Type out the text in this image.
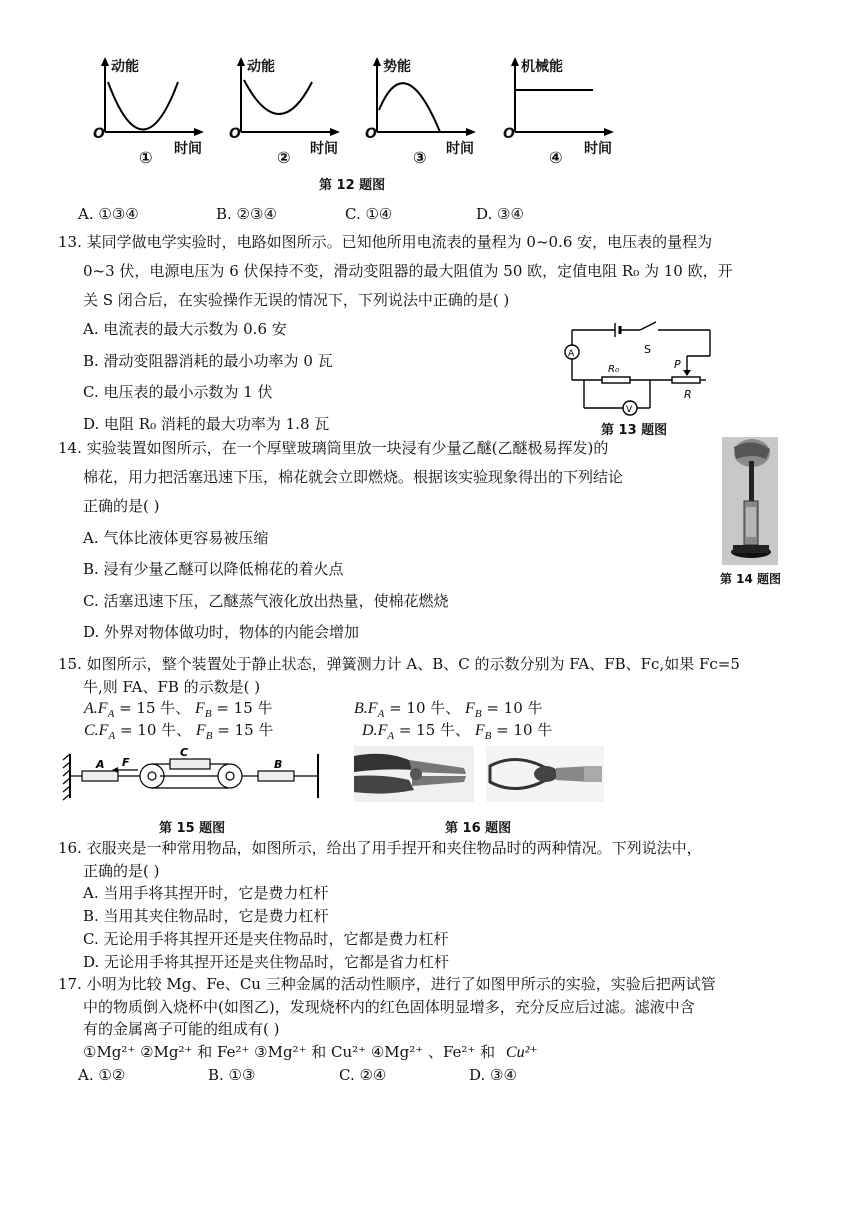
动能
O
时间
①
动能
O
时间
②
势能
O
时间
③
机械能
O
时间
④
第 12 题图
A. ①③④	B. ②③④	C. ①④	D. ③④
13. 某同学做电学实验时，电路如图所示。已知他所用电流表的量程为 0~0.6 安，电压表的量程为
0~3 伏，电源电压为 6 伏保持不变，滑动变阻器的最大阻值为 50 欧，定值电阻 R₀ 为 10 欧，开
关 S 闭合后，在实验操作无误的情况下，下列说法中正确的是( )
A. 电流表的最大示数为 0.6 安
B. 滑动变阻器消耗的最小功率为 0 瓦
C. 电压表的最小示数为 1 伏
D. 电阻 R₀ 消耗的最大功率为 1.8 瓦
A	S
R₀	P
R
V
第 13 题图
14. 实验装置如图所示，在一个厚壁玻璃筒里放一块浸有少量乙醚(乙醚极易挥发)的
棉花，用力把活塞迅速下压，棉花就会立即燃烧。根据该实验现象得出的下列结论
正确的是( )
A. 气体比液体更容易被压缩
B. 浸有少量乙醚可以降低棉花的着火点
C. 活塞迅速下压，乙醚蒸气液化放出热量，使棉花燃烧
D. 外界对物体做功时，物体的内能会增加
第 14 题图
15. 如图所示，整个装置处于静止状态，弹簧测力计 A、B、C 的示数分别为 FA、FB、Fc,如果 Fc=5
牛,则 FA、FB 的示数是( )
$A.F_A = 15$ 牛、 $F_B = 15$ 牛	$B.F_A = 10$ 牛、 $F_B = 10$ 牛
$C.F_A = 10$ 牛、 $F_B = 15$ 牛	$D.F_A = 15$ 牛、 $F_B = 10$ 牛
A F
C
B
第 15 题图	第 16 题图
16. 衣服夹是一种常用物品，如图所示，给出了用手捏开和夹住物品时的两种情况。下列说法中，
正确的是( )
A. 当用手将其捏开时，它是费力杠杆
B. 当用其夹住物品时，它是费力杠杆
C. 无论用手将其捏开还是夹住物品时，它都是费力杠杆
D. 无论用手将其捏开还是夹住物品时，它都是省力杠杆
17. 小明为比较 Mg、Fe、Cu 三种金属的活动性顺序，进行了如图甲所示的实验，实验后把两试管
中的物质倒入烧杯中(如图乙)，发现烧杯内的红色固体明显增多，充分反应后过滤。滤液中含
有的金属离子可能的组成有( )
①Mg²⁺ ②Mg²⁺ 和 Fe²⁺ ③Mg²⁺ 和 Cu²⁺ ④Mg²⁺ 、Fe²⁺ 和 Cu²⁺
A. ①②	B. ①③	C. ②④	D. ③④
